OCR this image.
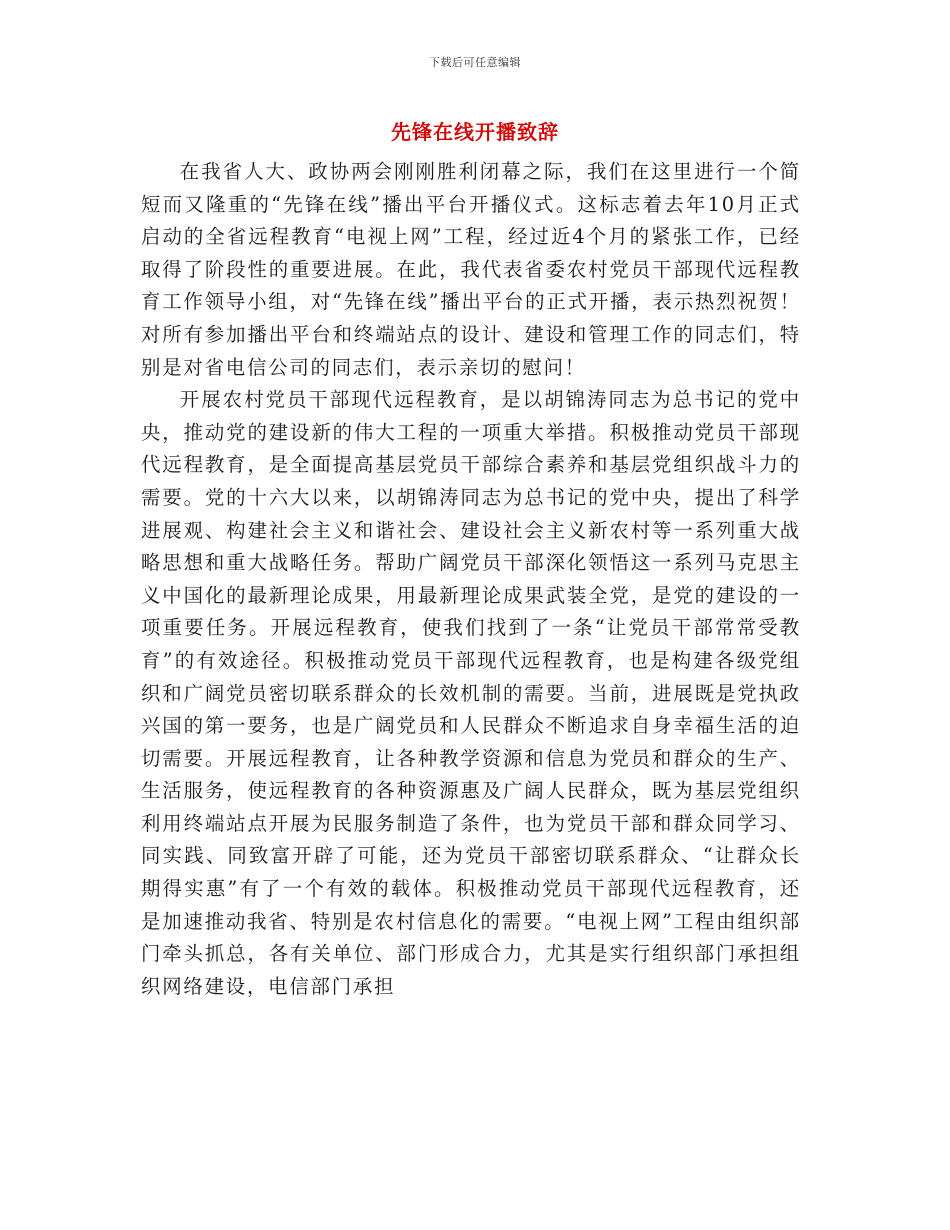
下载后可任意编辑
先锋在线开播致辞

在我省人大、政协两会刚刚胜利闭幕之际，我们在这里进行一个简短而又隆重的“先锋在线”播出平台开播仪式。这标志着去年10月正式启动的全省远程教育“电视上网”工程，经过近4个月的紧张工作，已经取得了阶段性的重要进展。在此，我代表省委农村党员干部现代远程教育工作领导小组，对“先锋在线”播出平台的正式开播，表示热烈祝贺！对所有参加播出平台和终端站点的设计、建设和管理工作的同志们，特别是对省电信公司的同志们，表示亲切的慰问！

开展农村党员干部现代远程教育，是以胡锦涛同志为总书记的党中央，推动党的建设新的伟大工程的一项重大举措。积极推动党员干部现代远程教育，是全面提高基层党员干部综合素养和基层党组织战斗力的需要。党的十六大以来，以胡锦涛同志为总书记的党中央，提出了科学进展观、构建社会主义和谐社会、建设社会主义新农村等一系列重大战略思想和重大战略任务。帮助广阔党员干部深化领悟这一系列马克思主义中国化的最新理论成果，用最新理论成果武装全党，是党的建设的一项重要任务。开展远程教育，使我们找到了一条“让党员干部常常受教育”的有效途径。积极推动党员干部现代远程教育，也是构建各级党组织和广阔党员密切联系群众的长效机制的需要。当前，进展既是党执政兴国的第一要务，也是广阔党员和人民群众不断追求自身幸福生活的迫切需要。开展远程教育，让各种教学资源和信息为党员和群众的生产、生活服务，使远程教育的各种资源惠及广阔人民群众，既为基层党组织利用终端站点开展为民服务制造了条件，也为党员干部和群众同学习、同实践、同致富开辟了可能，还为党员干部密切联系群众、“让群众长期得实惠”有了一个有效的载体。积极推动党员干部现代远程教育，还是加速推动我省、特别是农村信息化的需要。“电视上网”工程由组织部门牵头抓总，各有关单位、部门形成合力，尤其是实行组织部门承担组织网络建设，电信部门承担
